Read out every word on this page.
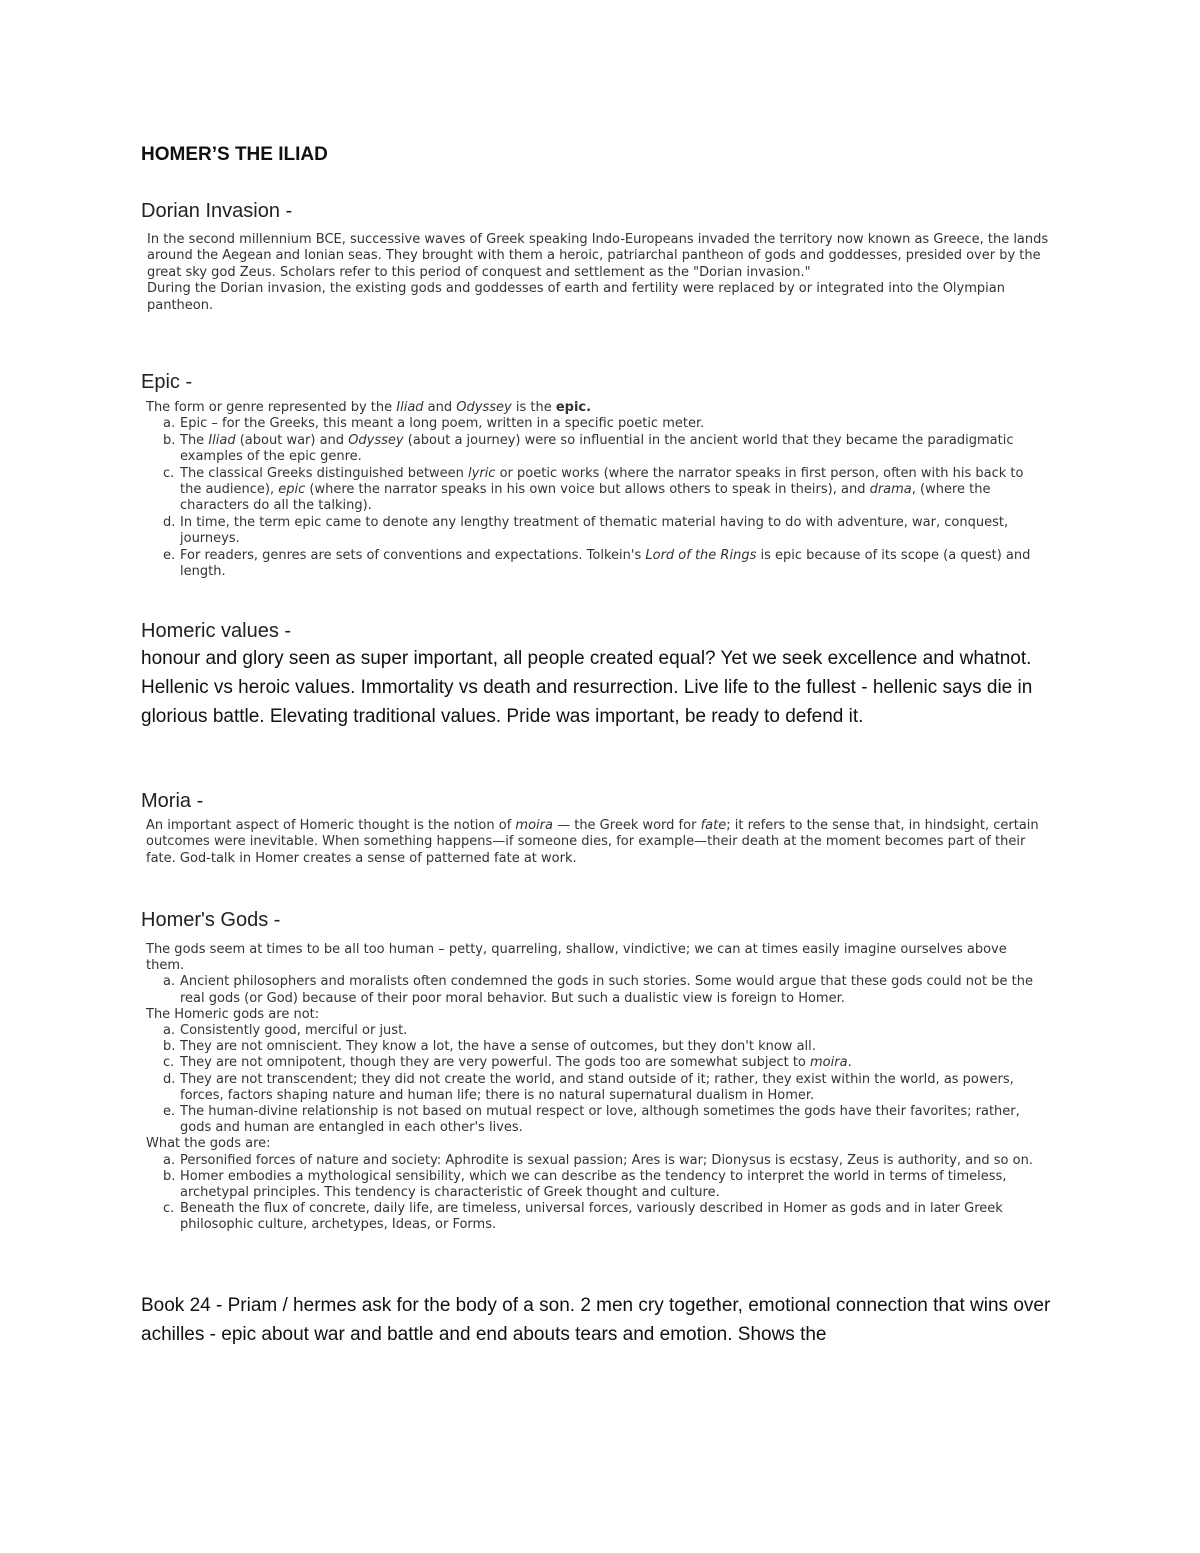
HOMER’S THE ILIAD
Dorian Invasion -

In the second millennium BCE, successive waves of Greek speaking Indo-Europeans invaded the territory now known as Greece, the lands around the Aegean and Ionian seas. They brought with them a heroic, patriarchal pantheon of gods and goddesses, presided over by the great sky god Zeus. Scholars refer to this period of conquest and settlement as the "Dorian invasion."

During the Dorian invasion, the existing gods and goddesses of earth and fertility were replaced by or integrated into the Olympian pantheon.

Epic -

The form or genre represented by the Iliad and Odyssey is the epic.

a. Epic – for the Greeks, this meant a long poem, written in a specific poetic meter.
b. The Iliad (about war) and Odyssey (about a journey) were so influential in the ancient world that they became the paradigmatic examples of the epic genre.
c. The classical Greeks distinguished between lyric or poetic works (where the narrator speaks in first person, often with his back to the audience), epic (where the narrator speaks in his own voice but allows others to speak in theirs), and drama, (where the characters do all the talking).
d. In time, the term epic came to denote any lengthy treatment of thematic material having to do with adventure, war, conquest, journeys.
e. For readers, genres are sets of conventions and expectations. Tolkein's Lord of the Rings is epic because of its scope (a quest) and length.
Homeric values -
honour and glory seen as super important, all people created equal? Yet we seek excellence and whatnot. Hellenic vs heroic values. Immortality vs death and resurrection. Live life to the fullest - hellenic says die in glorious battle. Elevating traditional values. Pride was important, be ready to defend it.
Moria -

An important aspect of Homeric thought is the notion of moira — the Greek word for fate; it refers to the sense that, in hindsight, certain outcomes were inevitable. When something happens—if someone dies, for example—their death at the moment becomes part of their fate. God-talk in Homer creates a sense of patterned fate at work.

Homer's Gods -

The gods seem at times to be all too human – petty, quarreling, shallow, vindictive; we can at times easily imagine ourselves above them.

a. Ancient philosophers and moralists often condemned the gods in such stories. Some would argue that these gods could not be the real gods (or God) because of their poor moral behavior. But such a dualistic view is foreign to Homer.

The Homeric gods are not:

a. Consistently good, merciful or just.
b. They are not omniscient. They know a lot, the have a sense of outcomes, but they don't know all.
c. They are not omnipotent, though they are very powerful. The gods too are somewhat subject to moira.
d. They are not transcendent; they did not create the world, and stand outside of it; rather, they exist within the world, as powers, forces, factors shaping nature and human life; there is no natural supernatural dualism in Homer.
e. The human-divine relationship is not based on mutual respect or love, although sometimes the gods have their favorites; rather, gods and human are entangled in each other's lives.

What the gods are:

a. Personified forces of nature and society: Aphrodite is sexual passion; Ares is war; Dionysus is ecstasy, Zeus is authority, and so on.
b. Homer embodies a mythological sensibility, which we can describe as the tendency to interpret the world in terms of timeless, archetypal principles. This tendency is characteristic of Greek thought and culture.
c. Beneath the flux of concrete, daily life, are timeless, universal forces, variously described in Homer as gods and in later Greek philosophic culture, archetypes, Ideas, or Forms.
Book 24 - Priam / hermes ask for the body of a son. 2 men cry together, emotional connection that wins over achilles - epic about war and battle and end abouts tears and emotion. Shows the
